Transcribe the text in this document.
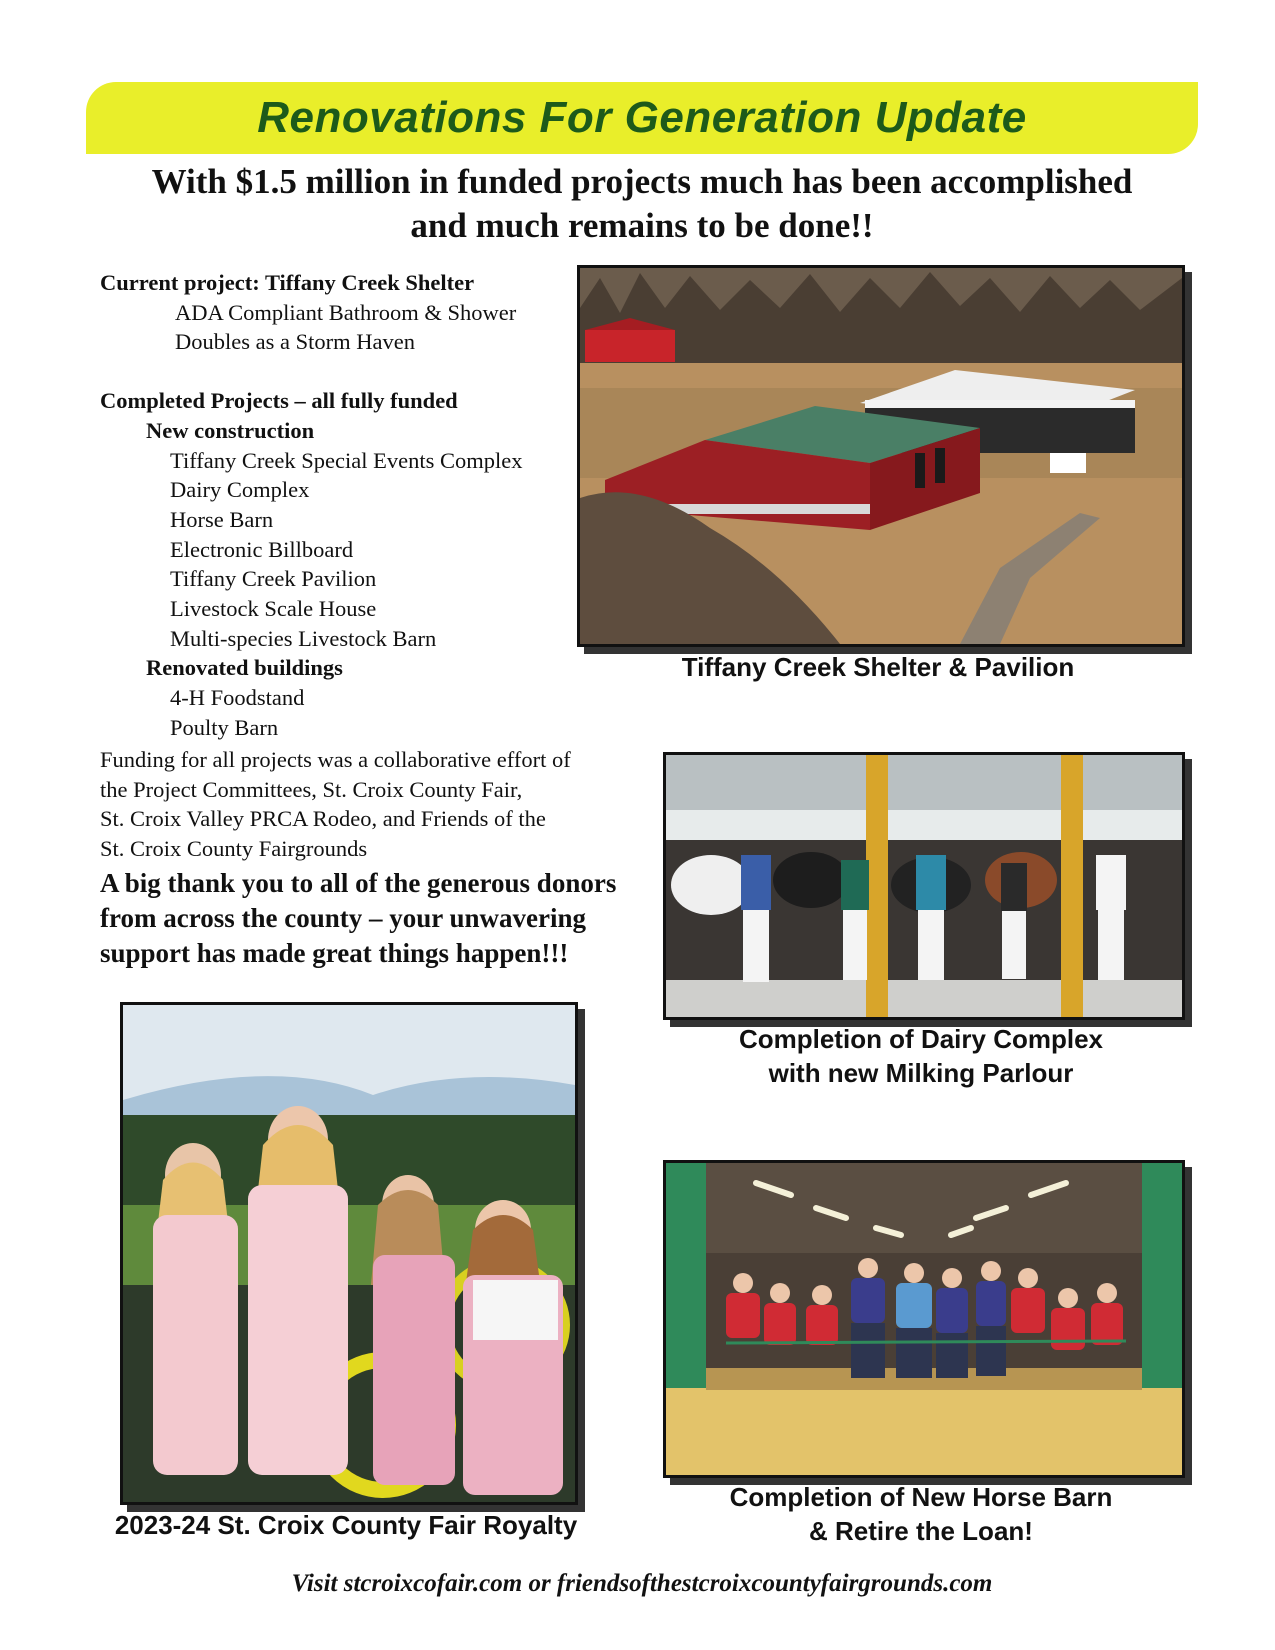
Renovations For Generation Update
With $1.5 million in funded projects much has been accomplished
and much remains to be done!!
Current project: Tiffany Creek Shelter
ADA Compliant Bathroom & Shower
Doubles as a Storm Haven
Completed Projects – all fully funded
New construction
Tiffany Creek Special Events Complex
Dairy Complex
Horse Barn
Electronic Billboard
Tiffany Creek Pavilion
Livestock Scale House
Multi-species Livestock Barn
Renovated buildings
4-H Foodstand
Poulty Barn
Funding for all projects was a collaborative effort of
the Project Committees, St. Croix County Fair,
St. Croix Valley PRCA Rodeo, and Friends of the
St. Croix County Fairgrounds
A big thank you to all of the generous donors
from across the county – your unwavering
support has made great things happen!!!
Tiffany Creek Shelter & Pavilion
Completion of Dairy Complex
with new Milking Parlour
2023-24 St. Croix County Fair Royalty
Completion of New Horse Barn
& Retire the Loan!
Visit stcroixcofair.com or friendsofthestcroixcountyfairgrounds.com
